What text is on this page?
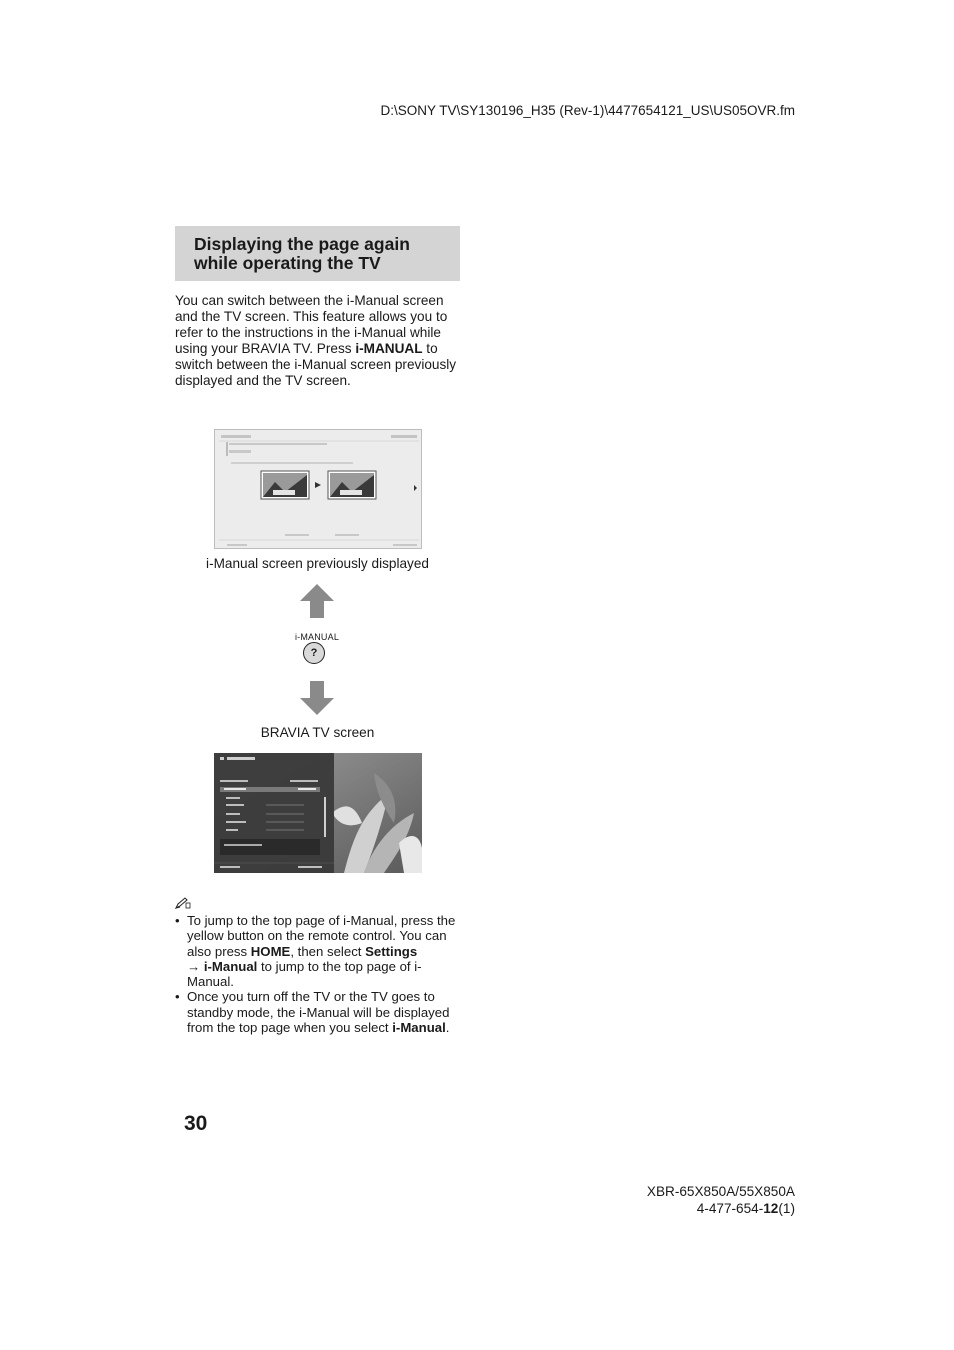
D:\SONY TV\SY130196_H35 (Rev-1)\4477654121_US\US05OVR.fm
Displaying the page again
while operating the TV
You can switch between the i-Manual screen and the TV screen. This feature allows you to refer to the instructions in the i-Manual while using your BRAVIA TV. Press i-MANUAL to switch between the i-Manual screen previously displayed and the TV screen.
i-Manual screen previously displayed
i-MANUAL
?
BRAVIA TV screen
• To jump to the top page of i-Manual, press the yellow button on the remote control. You can also press HOME, then select Settings
→ i-Manual to jump to the top page of i-Manual.
• Once you turn off the TV or the TV goes to standby mode, the i-Manual will be displayed from the top page when you select i-Manual.
30
XBR-65X850A/55X850A
4-477-654-12(1)
